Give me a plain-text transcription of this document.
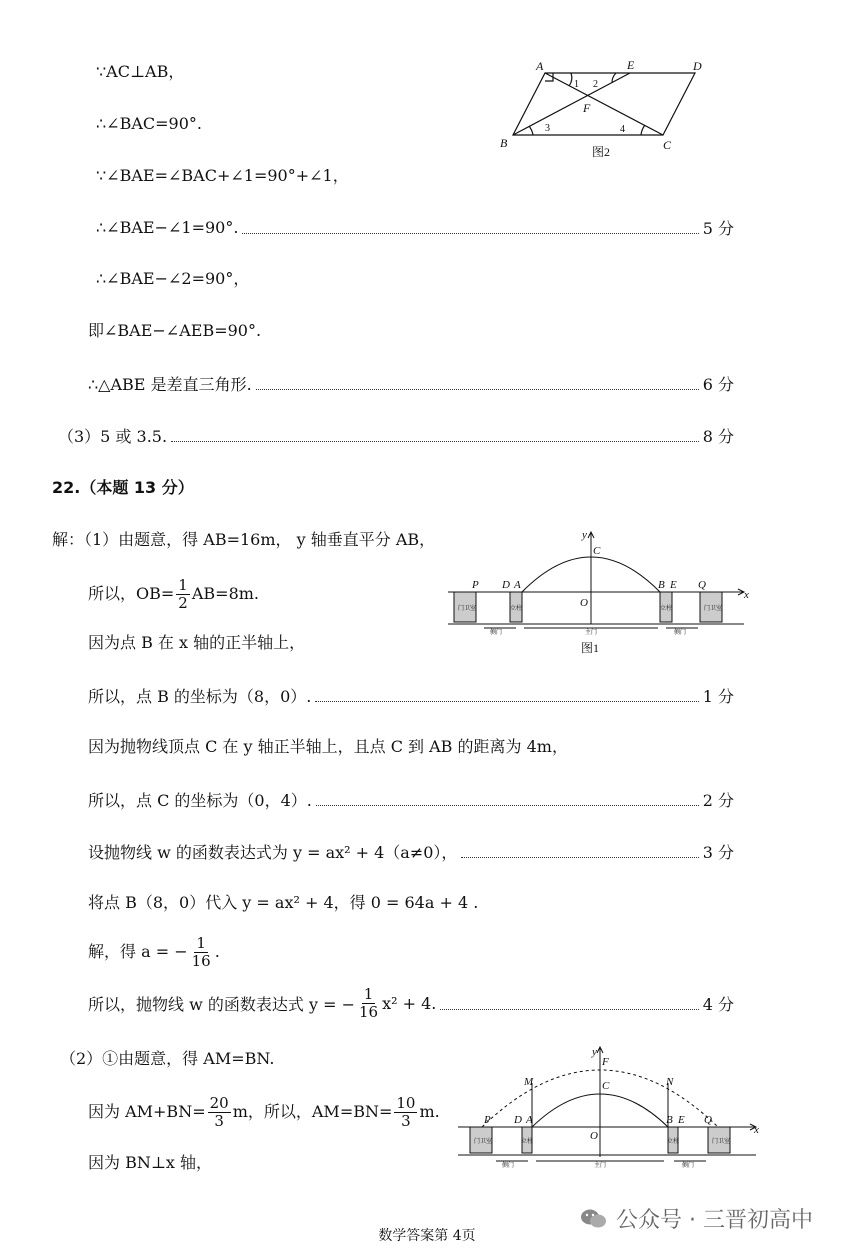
∵AC⊥AB，
∴∠BAC=90°.
∵∠BAE=∠BAC+∠1=90°+∠1，
∴∠BAE−∠1=90°.	5 分
∴∠BAE−∠2=90°，
即∠BAE−∠AEB=90°.
∴△ABE 是差直三角形.	6 分
（3）5 或 3.5.	8 分
A	E	D
B	C
F
1 2
3	4
图2
22.（本题 13 分）
解：（1）由题意，得 AB=16m， y 轴垂直平分 AB，
所以，$OB= \frac{1}{2} AB=8m$.
因为点 B 在 x 轴的正半轴上，
所以，点 B 的坐标为（8，0）.	1 分
因为抛物线顶点 C 在 y 轴正半轴上，且点 C 到 AB 的距离为 4m，
所以，点 C 的坐标为（0，4）.	2 分
设抛物线 w 的函数表达式为 y = ax² + 4（a≠0），	3 分
将点 B（8，0）代入 y = ax² + 4，得 0 = 64a + 4 .
解，得 a = − $\frac{1}{16}$ .
所以，抛物线 w 的函数表达式 y = − $\frac{1}{16} x^2 + 4$.	4 分
（2）①由题意，得 AM=BN.
因为 $AM+BN= \frac{20}{3}$ m，所以，$AM=BN= \frac{10}{3} m$.
因为 BN⊥x 轴，
y
C
P D A	B E Q
x
O
门卫室	立柱	立柱	门卫室
侧门	主门	侧门
图1
y
F
M	C	N
P D A	B E Q
x
O
门卫室	立柱	立柱	门卫室
侧门	主门	侧门
公众号 · 三晋初高中
数学答案第 4页
